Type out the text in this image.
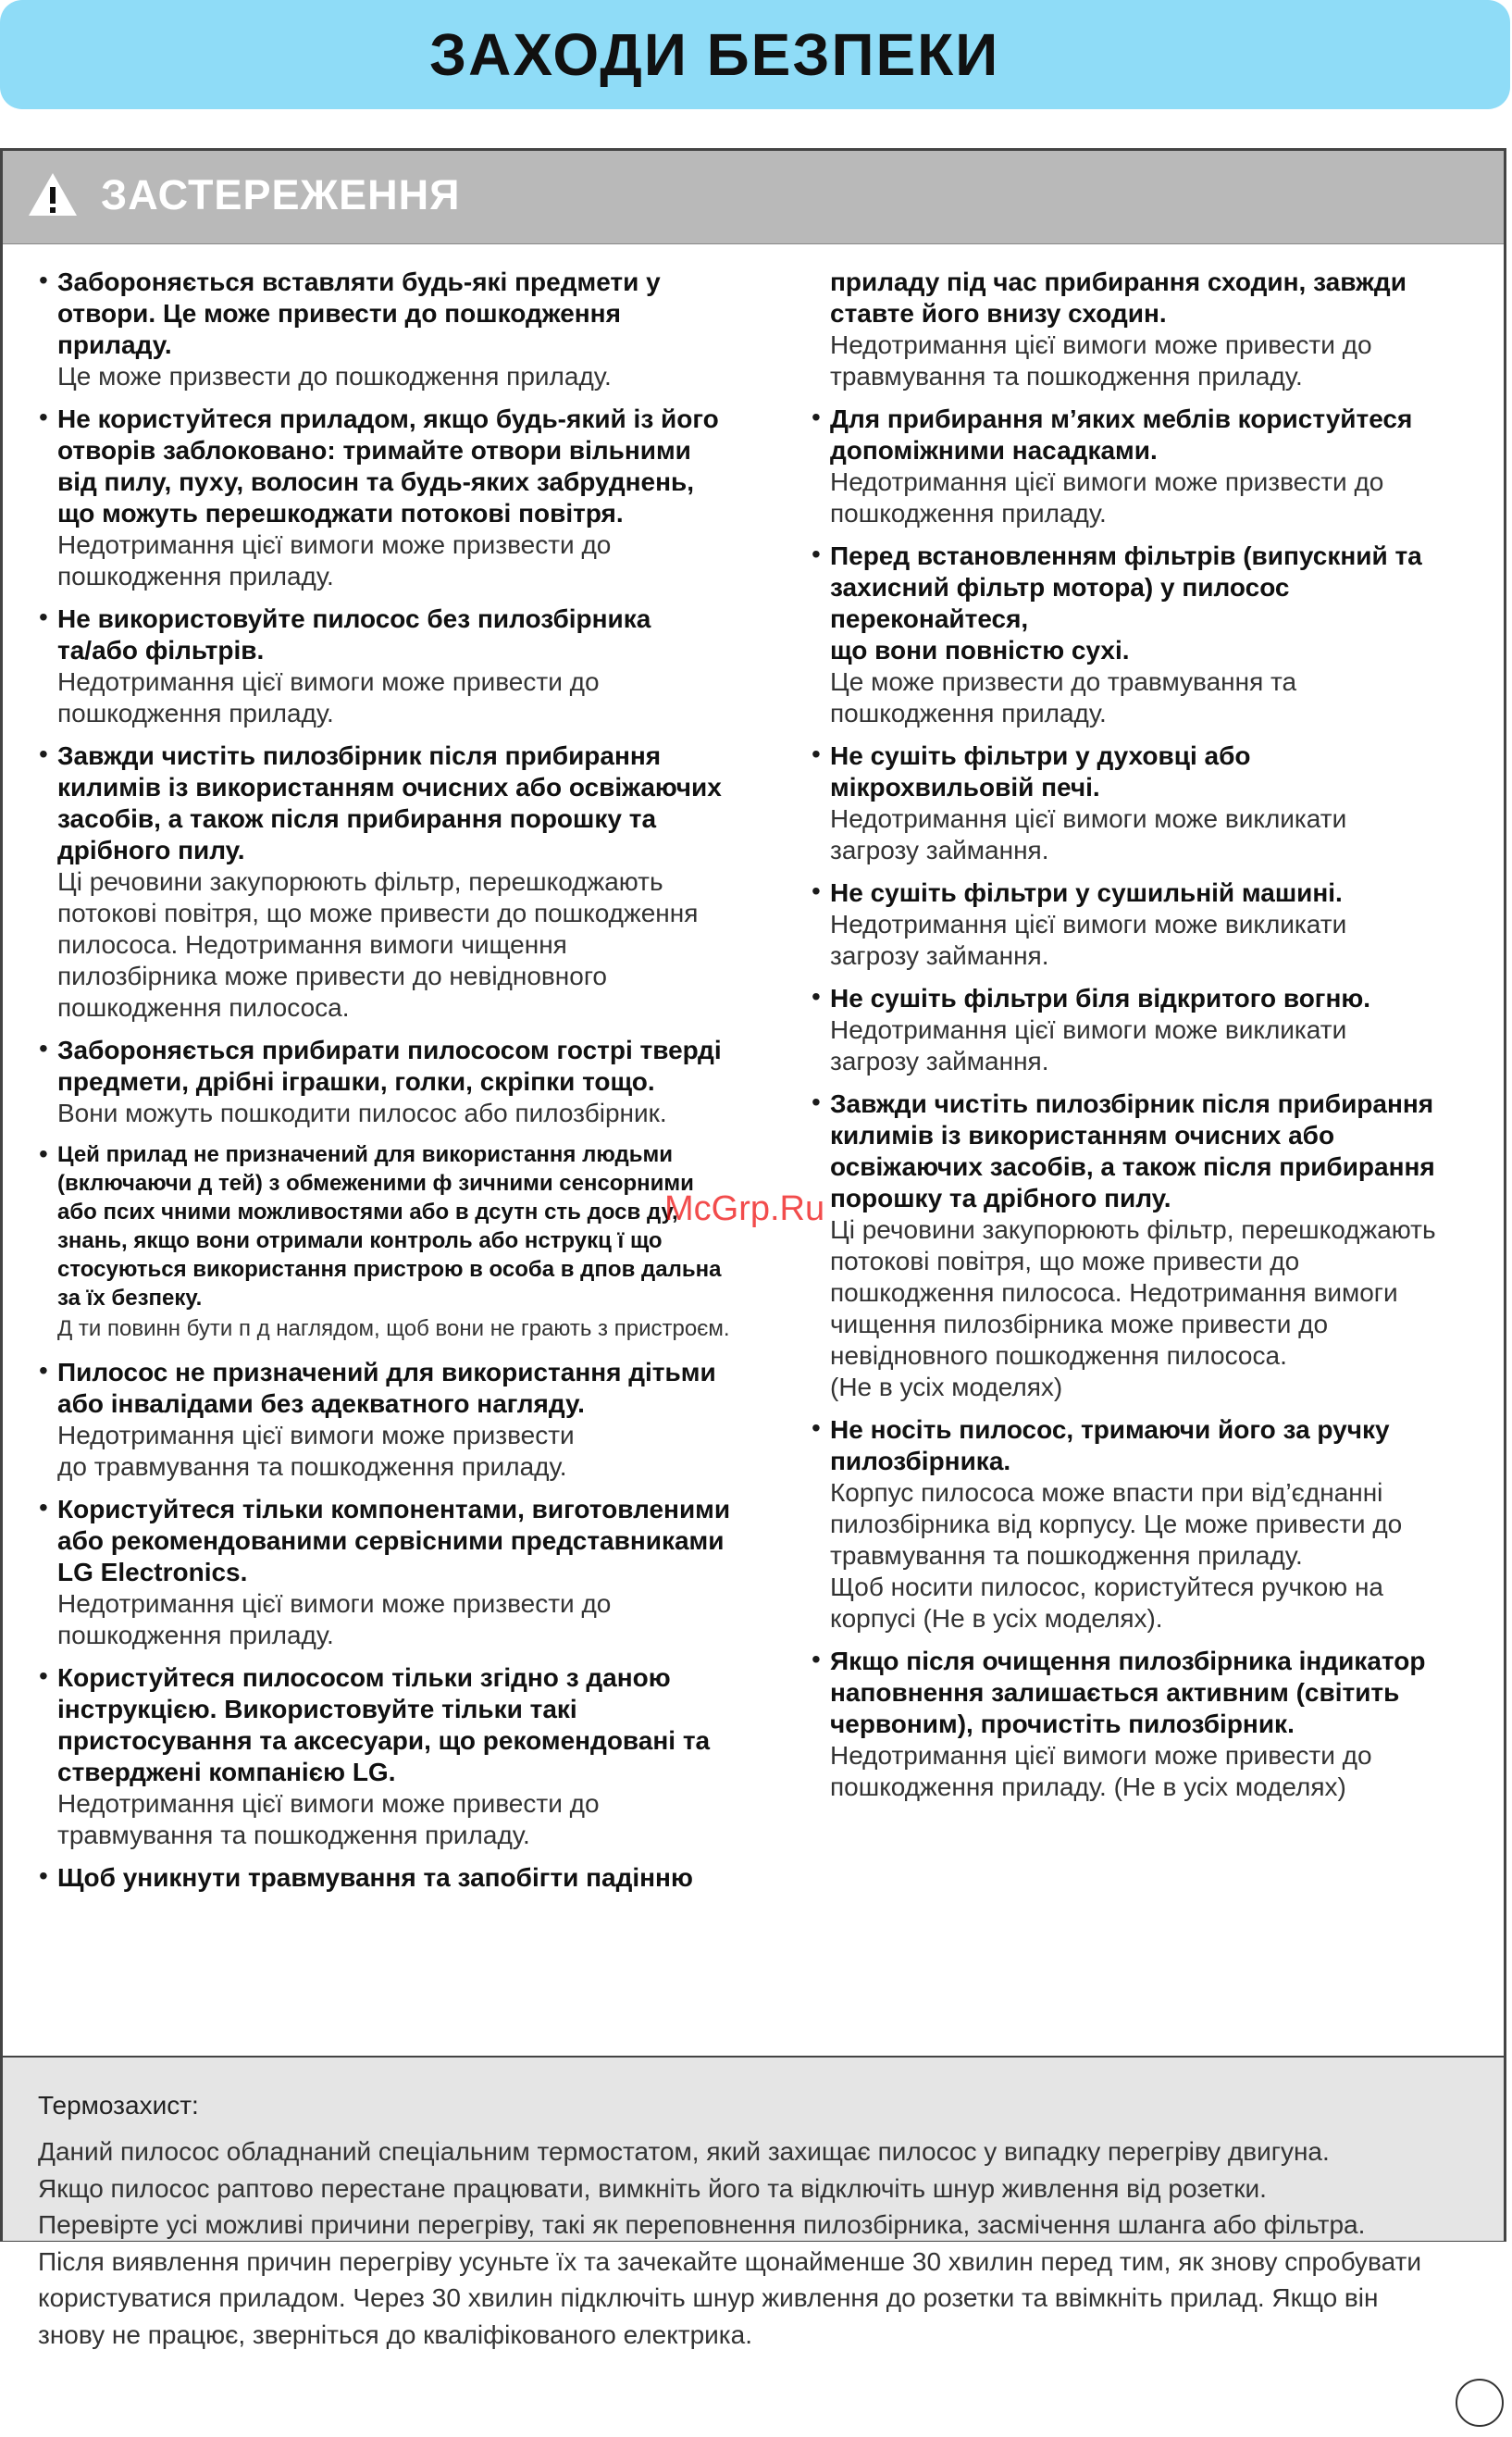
ЗАХОДИ БЕЗПЕКИ
ЗАСТЕРЕЖЕННЯ
• Забороняється вставляти будь-які предмети у
отвори. Це може привести до пошкодження
приладу.
Це може призвести до пошкодження приладу.
• Не користуйтеся приладом, якщо будь-який із його
отворів заблоковано: тримайте отвори вільними
від пилу, пуху, волосин та будь-яких забруднень,
що можуть перешкоджати потокові повітря.
Недотримання цієї вимоги може призвести до
пошкодження приладу.
• Не використовуйте пилосос без пилозбірника
та/або фільтрів.
Недотримання цієї вимоги може привести до
пошкодження приладу.
• Завжди чистіть пилозбірник після прибирання
килимів із використанням очисних або освіжаючих
засобів, а також після прибирання порошку та
дрібного пилу.
Ці речовини закупорюють фільтр, перешкоджають
потокові повітря, що може привести до пошкодження
пилососа. Недотримання вимоги чищення
пилозбірника може привести до невідновного
пошкодження пилососа.
• Забороняється прибирати пилососом гострі тверді
предмети, дрібні іграшки, голки, скріпки тощо.
Вони можуть пошкодити пилосос або пилозбірник.
• Цей прилад не призначений для використання людьми
(включаючи д тей) з обмеженими ф зичними сенсорними
або псих чними можливостями або в дсутн сть досв ду,
знань, якщо вони отримали контроль або нструкц ї що
стосуються використання пристрою в особа в дпов дальна
за їх безпеку.
Д ти повинн бути п д наглядом, щоб вони не грають з пристроєм.
• Пилосос не призначений для використання дітьми
або інвалідами без адекватного нагляду.
Недотримання цієї вимоги може призвести
до травмування та пошкодження приладу.
• Користуйтеся тільки компонентами, виготовленими
або рекомендованими сервісними представниками
LG Electronics.
Недотримання цієї вимоги може призвести до
пошкодження приладу.
• Користуйтеся пилососом тільки згідно з даною
інструкцією. Використовуйте тільки такі
пристосування та аксесуари, що рекомендовані та
стверджені компанією LG.
Недотримання цієї вимоги може привести до
травмування та пошкодження приладу.
• Щоб уникнути травмування та запобігти падінню
приладу під час прибирання сходин, завжди
ставте його внизу сходин.
Недотримання цієї вимоги може привести до
травмування та пошкодження приладу.
• Для прибирання м’яких меблів користуйтеся
допоміжними насадками.
Недотримання цієї вимоги може призвести до
пошкодження приладу.
• Перед встановленням фільтрів (випускний та
захисний фільтр мотора) у пилосос переконайтеся,
що вони повністю сухі.
Це може призвести до травмування та
пошкодження приладу.
• Не сушіть фільтри у духовці або
мікрохвильовій печі.
Недотримання цієї вимоги може викликати
загрозу займання.
• Не сушіть фільтри у сушильній машині.
Недотримання цієї вимоги може викликати
загрозу займання.
• Не сушіть фільтри біля відкритого вогню.
Недотримання цієї вимоги може викликати
загрозу займання.
• Завжди чистіть пилозбірник після прибирання
килимів із використанням очисних або
освіжаючих засобів, а також після прибирання
порошку та дрібного пилу.
Ці речовини закупорюють фільтр, перешкоджають
потокові повітря, що може привести до
пошкодження пилососа. Недотримання вимоги
чищення пилозбірника може привести до
невідновного пошкодження пилососа.
(Не в усіх моделях)
• Не носіть пилосос, тримаючи його за ручку
пилозбірника.
Корпус пилососа може впасти при від’єднанні
пилозбірника від корпусу. Це може привести до
травмування та пошкодження приладу.
Щоб носити пилосос, користуйтеся ручкою на
корпусі (Не в усіх моделях).
• Якщо після очищення пилозбірника індикатор
наповнення залишається активним (світить
червоним), прочистіть пилозбірник.
Недотримання цієї вимоги може привести до
пошкодження приладу. (Не в усіх моделях)
Термозахист:
Даний пилосос обладнаний спеціальним термостатом, який захищає пилосос у випадку перегріву двигуна.
Якщо пилосос раптово перестане працювати, вимкніть його та відключіть шнур живлення від розетки.
Перевірте усі можливі причини перегріву, такі як переповнення пилозбірника, засмічення шланга або фільтра.
Після виявлення причин перегріву усуньте їх та зачекайте щонайменше 30 хвилин перед тим, як знову спробувати
користуватися приладом. Через 30 хвилин підключіть шнур живлення до розетки та ввімкніть прилад. Якщо він
знову не працює, зверніться до кваліфікованого електрика.
McGrp.Ru
